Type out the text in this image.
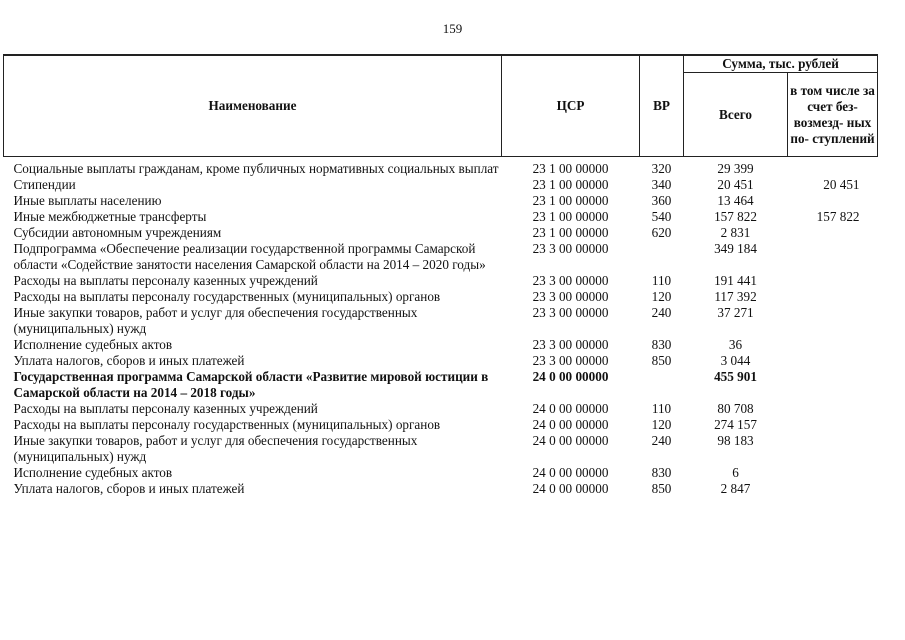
159
Наименование	ЦСР	ВР	Сумма, тыс. рублей	
			Всего	в том числе за счет без- возмезд- ных по- ступлений
Социальные выплаты гражданам, кроме публичных нормативных социальных выплат	23 1 00 00000	320	29 399	
Стипендии	23 1 00 00000	340	20 451	20 451
Иные выплаты населению	23 1 00 00000	360	13 464	
Иные межбюджетные трансферты	23 1 00 00000	540	157 822	157 822
Субсидии автономным учреждениям	23 1 00 00000	620	2 831	
Подпрограмма «Обеспечение реализации государственной программы Самарской области «Содействие занятости населения Самарской области на 2014 – 2020 годы»	23 3 00 00000		349 184	
Расходы на выплаты персоналу казенных учреждений	23 3 00 00000	110	191 441	
Расходы на выплаты персоналу государственных (муниципальных) органов	23 3 00 00000	120	117 392	
Иные закупки товаров, работ и услуг для обеспечения государственных (муниципальных) нужд	23 3 00 00000	240	37 271	
Исполнение судебных актов	23 3 00 00000	830	36	
Уплата налогов, сборов и иных платежей	23 3 00 00000	850	3 044	
Государственная программа Самарской области «Развитие мировой юстиции в Самарской области на 2014 – 2018 годы»	24 0 00 00000		455 901	
Расходы на выплаты персоналу казенных учреждений	24 0 00 00000	110	80 708	
Расходы на выплаты персоналу государственных (муниципальных) органов	24 0 00 00000	120	274 157	
Иные закупки товаров, работ и услуг для обеспечения государственных (муниципальных) нужд	24 0 00 00000	240	98 183	
Исполнение судебных актов	24 0 00 00000	830	6	
Уплата налогов, сборов и иных платежей	24 0 00 00000	850	2 847	
